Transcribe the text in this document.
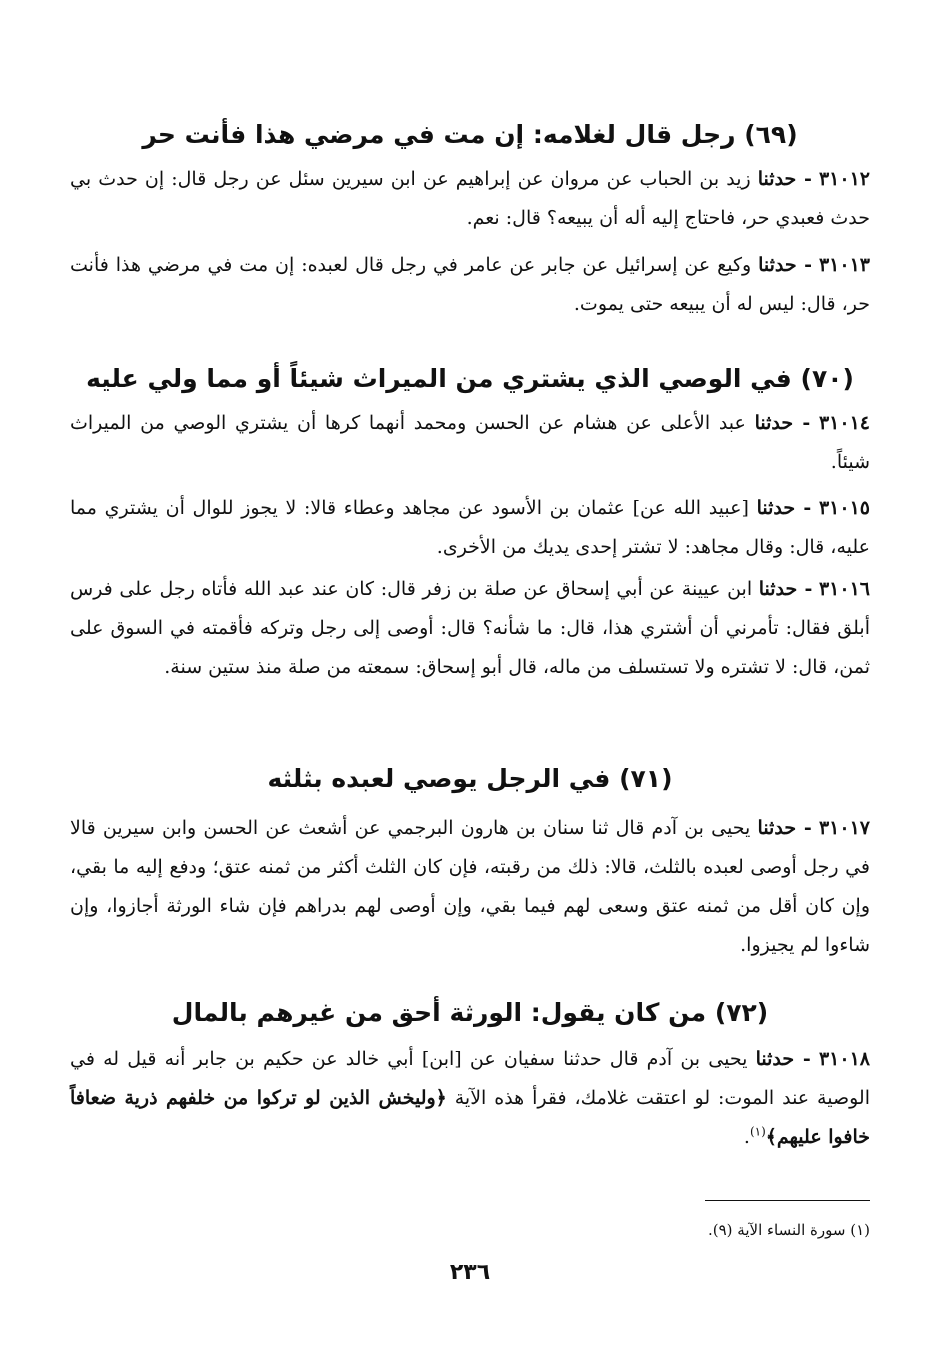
(٦٩) رجل قال لغلامه: إن مت في مرضي هذا فأنت حر

٣١٠١٢ - حدثنا زيد بن الحباب عن مروان عن إبراهيم عن ابن سيرين سئل عن رجل قال: إن حدث بي حدث فعبدي حر، فاحتاج إليه أله أن يبيعه؟ قال: نعم.

٣١٠١٣ - حدثنا وكيع عن إسرائيل عن جابر عن عامر في رجل قال لعبده: إن مت في مرضي هذا فأنت حر، قال: ليس له أن يبيعه حتى يموت.

(٧٠) في الوصي الذي يشتري من الميراث شيئاً أو مما ولي عليه

٣١٠١٤ - حدثنا عبد الأعلى عن هشام عن الحسن ومحمد أنهما كرها أن يشتري الوصي من الميراث شيئاً.

٣١٠١٥ - حدثنا [عبيد الله عن] عثمان بن الأسود عن مجاهد وعطاء قالا: لا يجوز للوال أن يشتري مما عليه، قال: وقال مجاهد: لا تشتر إحدى يديك من الأخرى.

٣١٠١٦ - حدثنا ابن عيينة عن أبي إسحاق عن صلة بن زفر قال: كان عند عبد الله فأتاه رجل على فرس أبلق فقال: تأمرني أن أشتري هذا، قال: ما شأنه؟ قال: أوصى إلى رجل وتركه فأقمته في السوق على ثمن، قال: لا تشتره ولا تستسلف من ماله، قال أبو إسحاق: سمعته من صلة منذ ستين سنة.

(٧١) في الرجل يوصي لعبده بثلثه

٣١٠١٧ - حدثنا يحيى بن آدم قال ثنا سنان بن هارون البرجمي عن أشعث عن الحسن وابن سيرين قالا في رجل أوصى لعبده بالثلث، قالا: ذلك من رقبته، فإن كان الثلث أكثر من ثمنه عتق؛ ودفع إليه ما بقي، وإن كان أقل من ثمنه عتق وسعى لهم فيما بقي، وإن أوصى لهم بدراهم فإن شاء الورثة أجازوا، وإن شاءوا لم يجيزوا.

(٧٢) من كان يقول: الورثة أحق من غيرهم بالمال

٣١٠١٨ - حدثنا يحيى بن آدم قال حدثنا سفيان عن [ابن] أبي خالد عن حكيم بن جابر أنه قيل له في الوصية عند الموت: لو اعتقت غلامك، فقرأ هذه الآية ﴿وليخش الذين لو تركوا من خلفهم ذرية ضعافاً خافوا عليهم﴾$^{(١)}$.

(١) سورة النساء الآية (٩).
٢٣٦
